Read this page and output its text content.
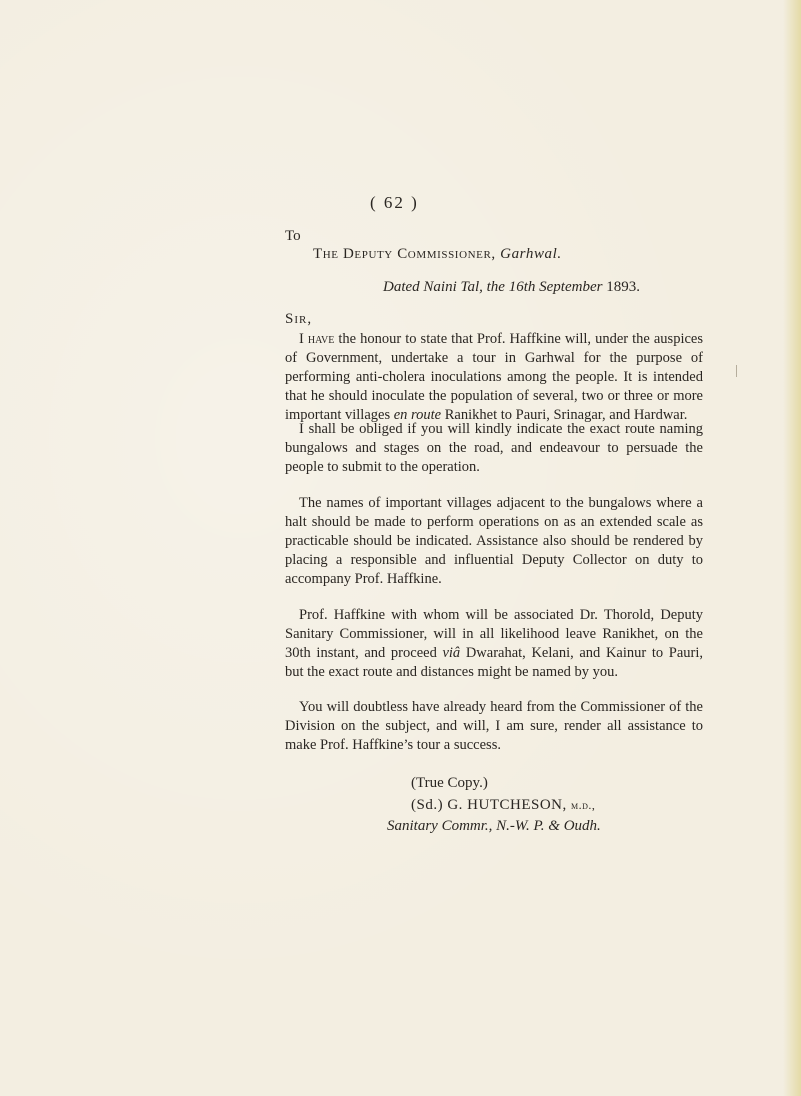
( 62 )
To
The Deputy Commissioner, Garhwal.
Dated Naini Tal, the 16th September 1893.
Sir,

I have the honour to state that Prof. Haffkine will, under the auspices of Government, undertake a tour in Garhwal for the purpose of performing anti-cholera inoculations among the people. It is intended that he should inoculate the population of several, two or three or more important villages en route Ranikhet to Pauri, Srinagar, and Hardwar.

I shall be obliged if you will kindly indicate the exact route naming bungalows and stages on the road, and endeavour to persuade the people to submit to the operation.

The names of important villages adjacent to the bungalows where a halt should be made to perform operations on as an extended scale as practicable should be indicated. Assistance also should be rendered by placing a responsible and influential Deputy Collector on duty to accompany Prof. Haffkine.

Prof. Haffkine with whom will be associated Dr. Thorold, Deputy Sanitary Commissioner, will in all likelihood leave Ranikhet, on the 30th instant, and proceed viâ Dwarahat, Kelani, and Kainur to Pauri, but the exact route and distances might be named by you.

You will doubtless have already heard from the Commissioner of the Division on the subject, and will, I am sure, render all assistance to make Prof. Haffkine’s tour a success.

(True Copy.)
(Sd.) G. HUTCHESON, m.d.,
Sanitary Commr., N.-W. P. & Oudh.
